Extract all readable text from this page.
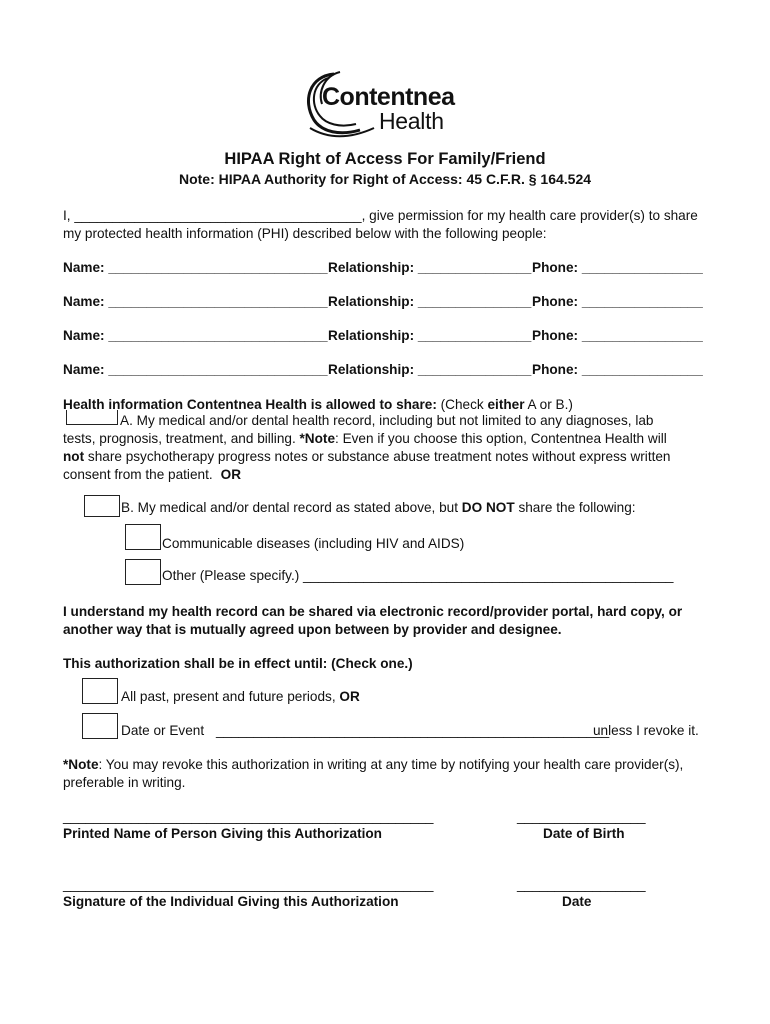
Contentnea
Health
HIPAA Right of Access For Family/Friend
Note: HIPAA Authority for Right of Access: 45 C.F.R. § 164.524
I, ______________________________________, give permission for my health care provider(s) to share
my protected health information (PHI) described below with the following people:
Name: _____________________________ Relationship: _______________ Phone: ________________
Name: _____________________________ Relationship: _______________ Phone: ________________
Name: _____________________________ Relationship: _______________ Phone: ________________
Name: _____________________________ Relationship: _______________ Phone: ________________
Health information Contentnea Health is allowed to share: (Check either A or B.)
A. My medical and/or dental health record, including but not limited to any diagnoses, lab
tests, prognosis, treatment, and billing. *Note: Even if you choose this option, Contentnea Health will
not share psychotherapy progress notes or substance abuse treatment notes without express written
consent from the patient. OR
B. My medical and/or dental record as stated above, but DO NOT share the following:
Communicable diseases (including HIV and AIDS)
Other (Please specify.) _________________________________________________
I understand my health record can be shared via electronic record/provider portal, hard copy, or
another way that is mutually agreed upon between by provider and designee.
This authorization shall be in effect until: (Check one.)
All past, present and future periods, OR
Date or Event ____________________________________________________
unless I revoke it.
*Note: You may revoke this authorization in writing at any time by notifying your health care provider(s),
preferable in writing.
_________________________________________________	_________________
Printed Name of Person Giving this Authorization	Date of Birth
_________________________________________________	_________________
Signature of the Individual Giving this Authorization	Date
